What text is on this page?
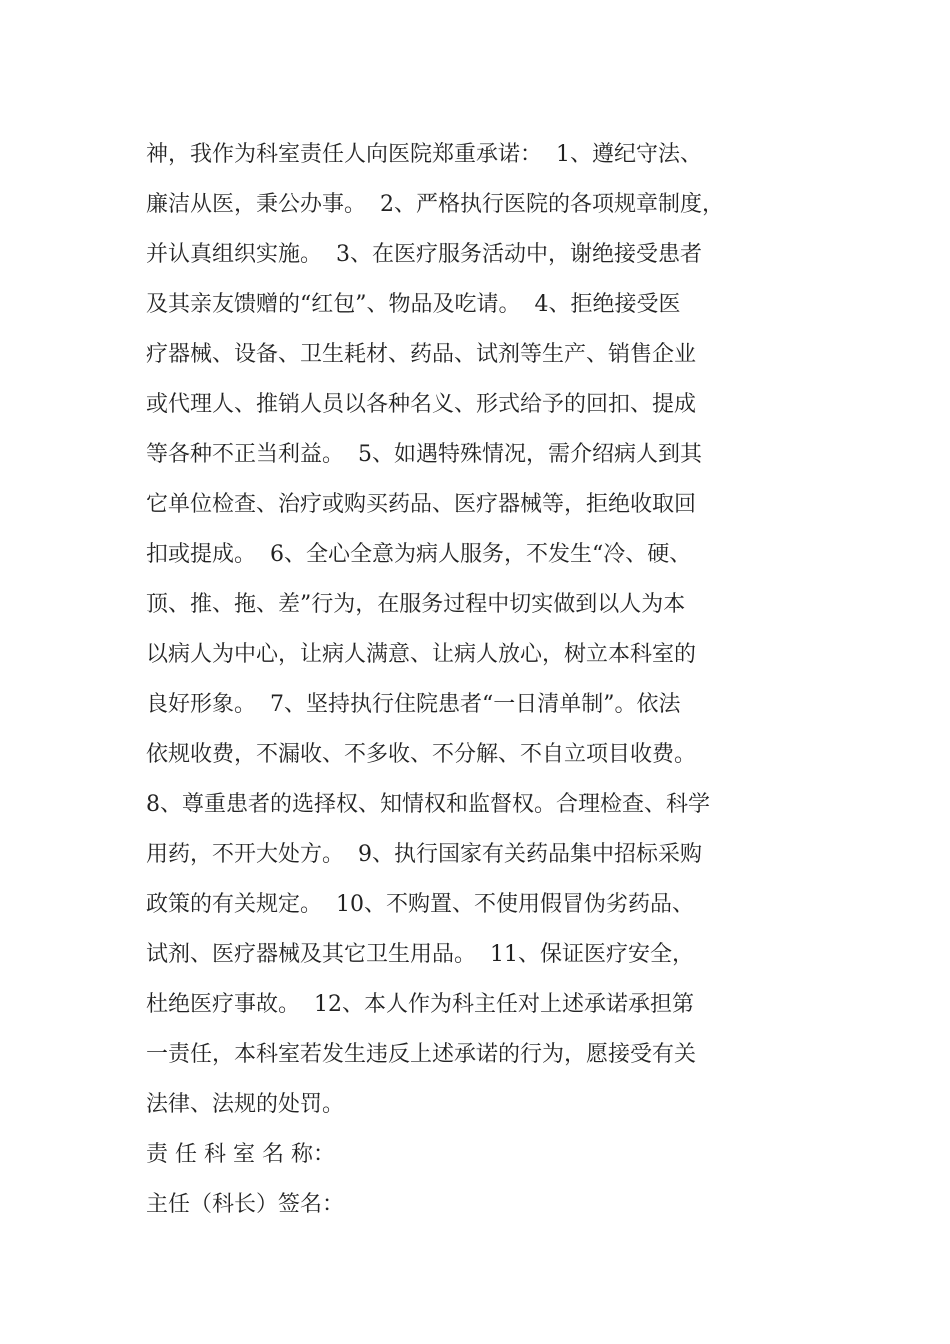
神，我作为科室责任人向医院郑重承诺：  1、遵纪守法、
廉洁从医，秉公办事。  2、严格执行医院的各项规章制度，
并认真组织实施。  3、在医疗服务活动中，谢绝接受患者
及其亲友馈赠的“红包”、物品及吃请。  4、拒绝接受医
疗器械、设备、卫生耗材、药品、试剂等生产、销售企业
或代理人、推销人员以各种名义、形式给予的回扣、提成
等各种不正当利益。  5、如遇特殊情况，需介绍病人到其
它单位检查、治疗或购买药品、医疗器械等，拒绝收取回
扣或提成。  6、全心全意为病人服务，不发生“冷、硬、
顶、推、拖、差”行为，在服务过程中切实做到以人为本
以病人为中心，让病人满意、让病人放心，树立本科室的
良好形象。  7、坚持执行住院患者“一日清单制”。依法
依规收费，不漏收、不多收、不分解、不自立项目收费。
8、尊重患者的选择权、知情权和监督权。合理检查、科学
用药，不开大处方。  9、执行国家有关药品集中招标采购
政策的有关规定。  10、不购置、不使用假冒伪劣药品、
试剂、医疗器械及其它卫生用品。  11、保证医疗安全，
杜绝医疗事故。  12、本人作为科主任对上述承诺承担第
一责任，本科室若发生违反上述承诺的行为，愿接受有关
法律、法规的处罚。
责 任 科 室 名 称：
主任（科长）签名：
